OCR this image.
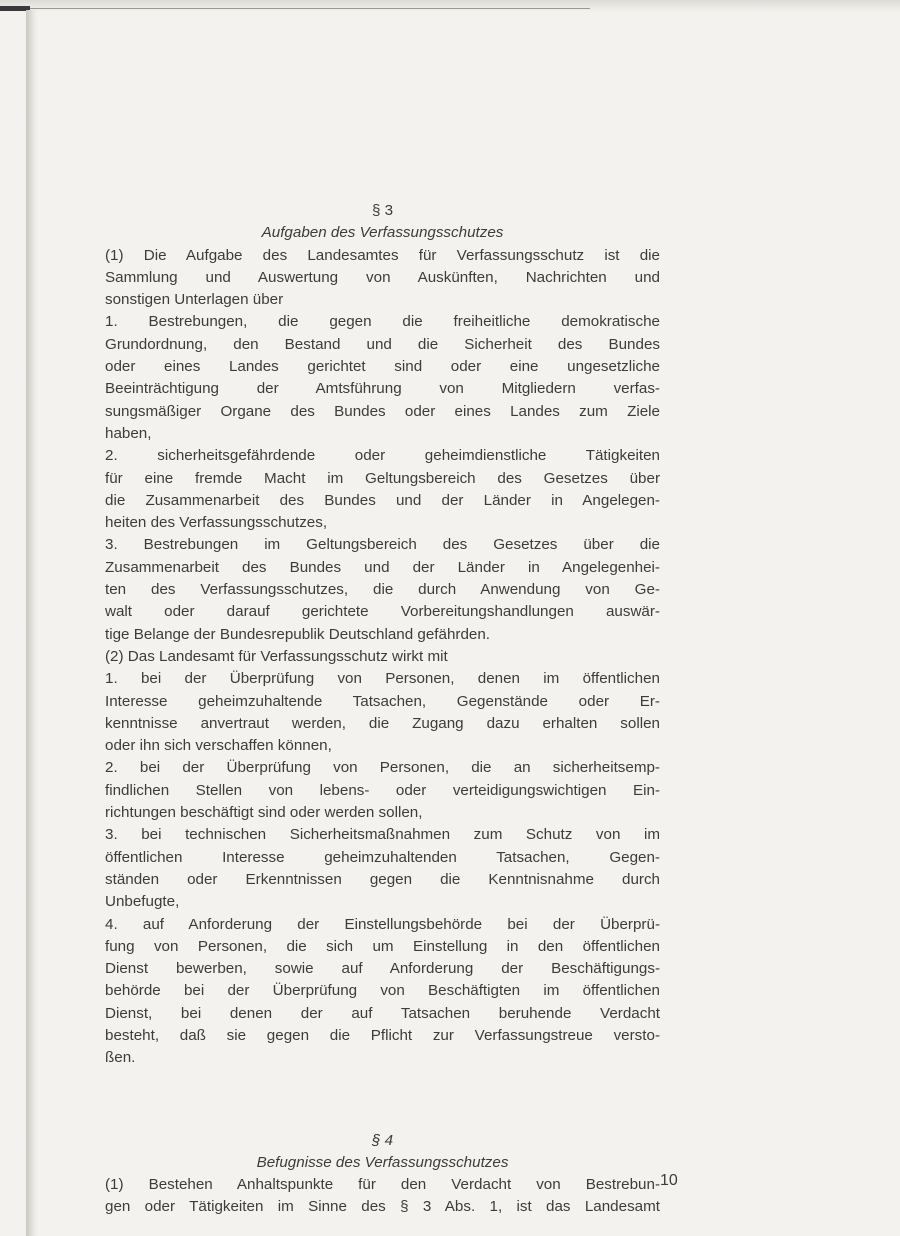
§ 3
Aufgaben des Verfassungsschutzes
(1) Die Aufgabe des Landesamtes für Verfassungsschutz ist die
Sammlung und Auswertung von Auskünften, Nachrichten und
sonstigen Unterlagen über
1. Bestrebungen, die gegen die freiheitliche demokratische
Grundordnung, den Bestand und die Sicherheit des Bundes
oder eines Landes gerichtet sind oder eine ungesetzliche
Beeinträchtigung der Amtsführung von Mitgliedern verfas-
sungsmäßiger Organe des Bundes oder eines Landes zum Ziele
haben,
2. sicherheitsgefährdende oder geheimdienstliche Tätigkeiten
für eine fremde Macht im Geltungsbereich des Gesetzes über
die Zusammenarbeit des Bundes und der Länder in Angelegen-
heiten des Verfassungsschutzes,
3. Bestrebungen im Geltungsbereich des Gesetzes über die
Zusammenarbeit des Bundes und der Länder in Angelegenhei-
ten des Verfassungsschutzes, die durch Anwendung von Ge-
walt oder darauf gerichtete Vorbereitungshandlungen auswär-
tige Belange der Bundesrepublik Deutschland gefährden.
(2) Das Landesamt für Verfassungsschutz wirkt mit
1. bei der Überprüfung von Personen, denen im öffentlichen
Interesse geheimzuhaltende Tatsachen, Gegenstände oder Er-
kenntnisse anvertraut werden, die Zugang dazu erhalten sollen
oder ihn sich verschaffen können,
2. bei der Überprüfung von Personen, die an sicherheitsemp-
findlichen Stellen von lebens- oder verteidigungswichtigen Ein-
richtungen beschäftigt sind oder werden sollen,
3. bei technischen Sicherheitsmaßnahmen zum Schutz von im
öffentlichen Interesse geheimzuhaltenden Tatsachen, Gegen-
ständen oder Erkenntnissen gegen die Kenntnisnahme durch
Unbefugte,
4. auf Anforderung der Einstellungsbehörde bei der Überprü-
fung von Personen, die sich um Einstellung in den öffentlichen
Dienst bewerben, sowie auf Anforderung der Beschäftigungs-
behörde bei der Überprüfung von Beschäftigten im öffentlichen
Dienst, bei denen der auf Tatsachen beruhende Verdacht
besteht, daß sie gegen die Pflicht zur Verfassungstreue versto-
ßen.
§ 4
Befugnisse des Verfassungsschutzes
(1) Bestehen Anhaltspunkte für den Verdacht von Bestrebun-
gen oder Tätigkeiten im Sinne des § 3 Abs. 1, ist das Landesamt
10
